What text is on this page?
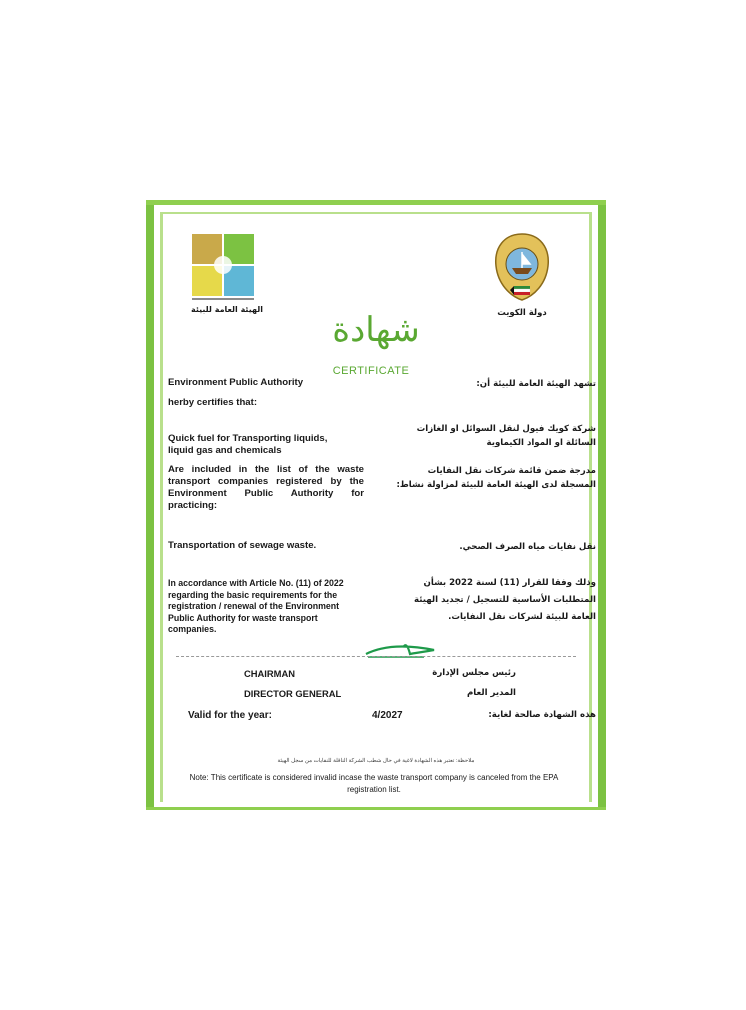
الهيئة العامة للبيئة	دولة الكويت
شهادة
CERTIFICATE
Environment Public Authority
herby certifies that:
Quick fuel for Transporting liquids, liquid gas and chemicals
Are included in the list of the waste transport companies registered by the Environment Public Authority for practicing:
Transportation of sewage waste.
In accordance with Article No. (11) of 2022 regarding the basic requirements for the registration / renewal of the Environment Public Authority for waste transport companies.
تشهد الهيئة العامة للبيئة أن:
شركة كويك فيول لنقل السوائل او الغازات السائلة او المواد الكيماوية
مدرجة ضمن قائمة شركات نقل النفايات المسجلة لدى الهيئة العامة للبيئة لمزاولة نشاط:
نقل نفايات مياه الصرف الصحي.
وذلك وفقا للقرار (11) لسنة 2022 بشأن المتطلبات الأساسية للتسجيل / تجديد الهيئة العامة للبيئة لشركات نقل النفايات.
CHAIRMAN	رئيس مجلس الإدارة
DIRECTOR GENERAL	المدير العام
Valid for the year:	4/2027	هذه الشهادة صالحة لغاية:
ملاحظة: تعتبر هذه الشهادة لاغية في حال شطب الشركة الناقلة للنفايات من سجل الهيئة
Note: This certificate is considered invalid incase the waste transport company is canceled from the EPA registration list.
